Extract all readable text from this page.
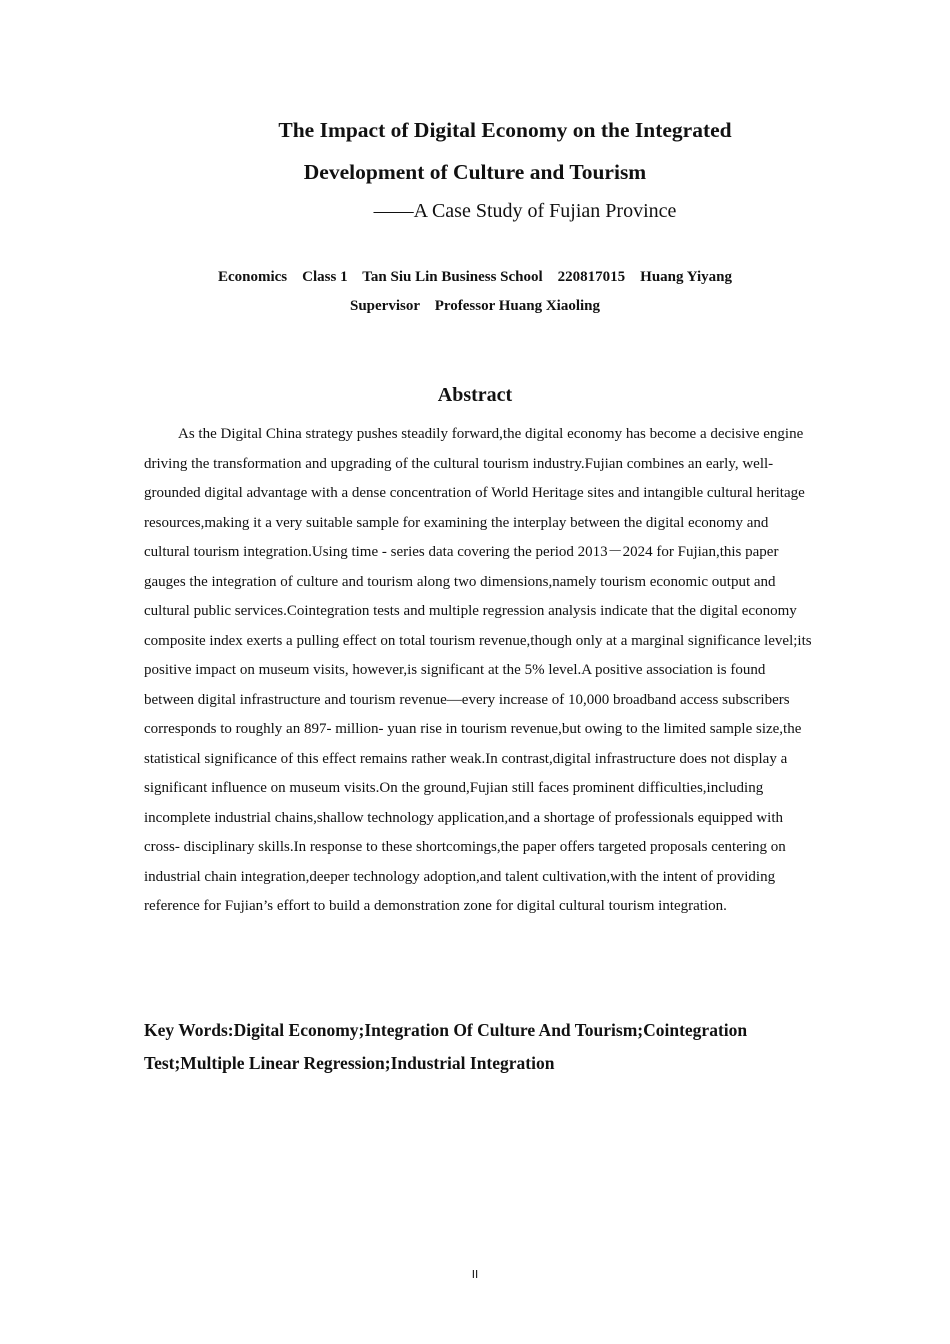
The Impact of Digital Economy on the Integrated
Development of Culture and Tourism

——A Case Study of Fujian Province

Economics    Class 1    Tan Siu Lin Business School    220817015    Huang Yiyang
Supervisor    Professor Huang Xiaoling
Abstract

As the Digital China strategy pushes steadily forward,the digital economy has become a decisive engine driving the transformation and upgrading of the cultural tourism industry.Fujian combines an early, well- grounded digital advantage with a dense concentration of World Heritage sites and intangible cultural heritage resources,making it a very suitable sample for examining the interplay between the digital economy and cultural tourism integration.Using time - series data covering the period 2013－2024 for Fujian,this paper gauges the integration of culture and tourism along two dimensions,namely tourism economic output and cultural public services.Cointegration tests and multiple regression analysis indicate that the digital economy composite index exerts a pulling effect on total tourism revenue,though only at a marginal significance level;its positive impact on museum visits, however,is significant at the 5% level.A positive association is found between digital infrastructure and tourism revenue—every increase of 10,000 broadband access subscribers corresponds to roughly an 897- million- yuan rise in tourism revenue,but owing to the limited sample size,the statistical significance of this effect remains rather weak.In contrast,digital infrastructure does not display a significant influence on museum visits.On the ground,Fujian still faces prominent difficulties,including incomplete industrial chains,shallow technology application,and a shortage of professionals equipped with cross- disciplinary skills.In response to these shortcomings,the paper offers targeted proposals centering on industrial chain integration,deeper technology adoption,and talent cultivation,with the intent of providing reference for Fujian’s effort to build a demonstration zone for digital cultural tourism integration.

Key Words:Digital Economy;Integration Of Culture And Tourism;Cointegration Test;Multiple Linear Regression;Industrial Integration

II
